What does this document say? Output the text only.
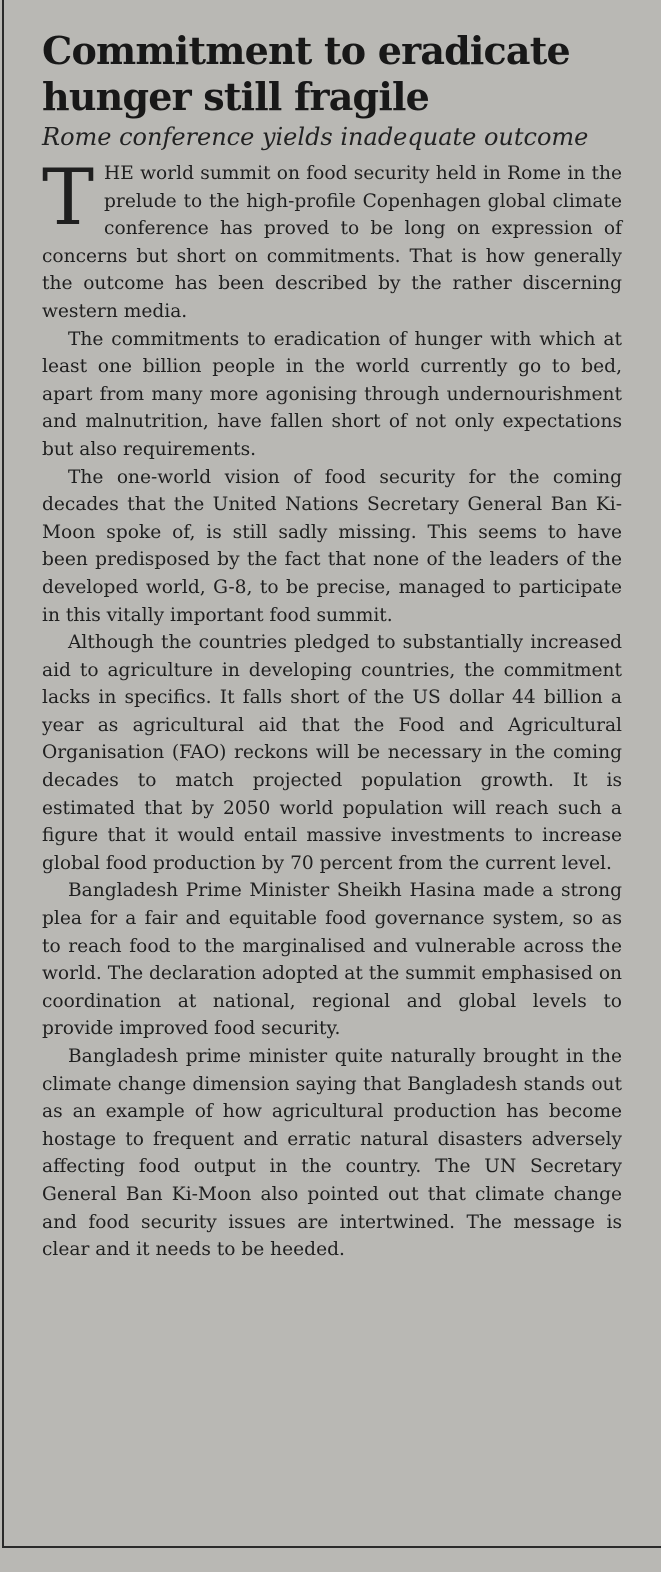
Commitment to eradicate hunger still fragile
Rome conference yields inadequate outcome

THE world summit on food security held in Rome in the prelude to the high-profile Copenhagen global climate conference has proved to be long on expression of concerns but short on commitments. That is how generally the outcome has been described by the rather discerning western media.

The commitments to eradication of hunger with which at least one billion people in the world currently go to bed, apart from many more agonising through undernourishment and malnutrition, have fallen short of not only expectations but also requirements.

The one-world vision of food security for the coming decades that the United Nations Secretary General Ban Ki-Moon spoke of, is still sadly missing. This seems to have been predisposed by the fact that none of the leaders of the developed world, G-8, to be precise, managed to participate in this vitally important food summit.

Although the countries pledged to substantially increased aid to agriculture in developing countries, the commitment lacks in specifics. It falls short of the US dollar 44 billion a year as agricultural aid that the Food and Agricultural Organisation (FAO) reckons will be necessary in the coming decades to match projected population growth. It is estimated that by 2050 world population will reach such a figure that it would entail massive investments to increase global food production by 70 percent from the current level.

Bangladesh Prime Minister Sheikh Hasina made a strong plea for a fair and equitable food governance system, so as to reach food to the marginalised and vulnerable across the world. The declaration adopted at the summit emphasised on coordination at national, regional and global levels to provide improved food security.

Bangladesh prime minister quite naturally brought in the climate change dimension saying that Bangladesh stands out as an example of how agricultural production has become hostage to frequent and erratic natural disasters adversely affecting food output in the country. The UN Secretary General Ban Ki-Moon also pointed out that climate change and food security issues are intertwined. The message is clear and it needs to be heeded.
